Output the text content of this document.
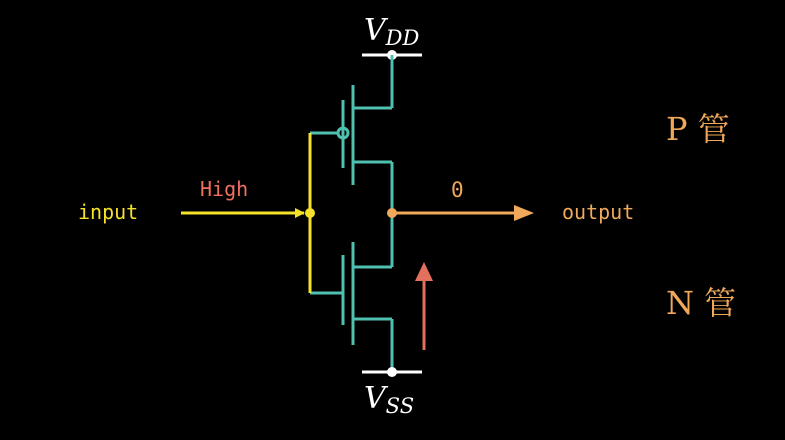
VDD
VSS
input
High	0
output
P 管
N 管
